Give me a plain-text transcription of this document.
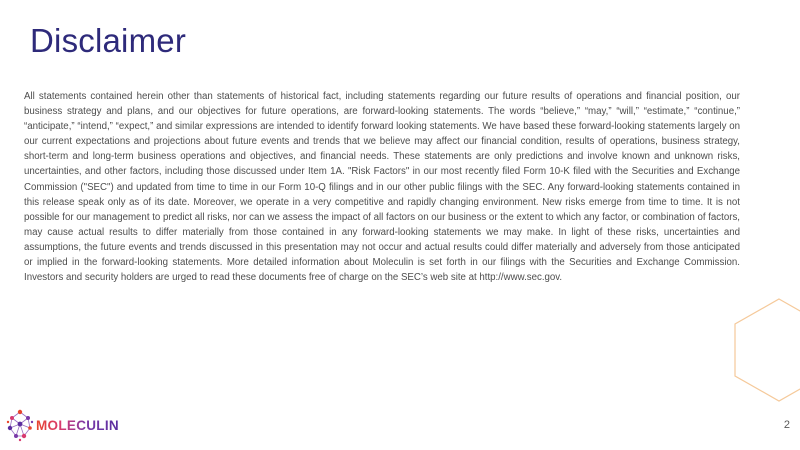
Disclaimer

All statements contained herein other than statements of historical fact, including statements regarding our future results of operations and financial position, our business strategy and plans, and our objectives for future operations, are forward-looking statements. The words “believe,” “may,” “will,” “estimate,” “continue,” “anticipate,” “intend,” “expect,” and similar expressions are intended to identify forward looking statements. We have based these forward-looking statements largely on our current expectations and projections about future events and trends that we believe may affect our financial condition, results of operations, business strategy, short-term and long-term business operations and objectives, and financial needs. These statements are only predictions and involve known and unknown risks, uncertainties, and other factors, including those discussed under Item 1A. "Risk Factors" in our most recently filed Form 10-K filed with the Securities and Exchange Commission ("SEC") and updated from time to time in our Form 10-Q filings and in our other public filings with the SEC. Any forward-looking statements contained in this release speak only as of its date. Moreover, we operate in a very competitive and rapidly changing environment. New risks emerge from time to time. It is not possible for our management to predict all risks, nor can we assess the impact of all factors on our business or the extent to which any factor, or combination of factors, may cause actual results to differ materially from those contained in any forward-looking statements we may make. In light of these risks, uncertainties and assumptions, the future events and trends discussed in this presentation may not occur and actual results could differ materially and adversely from those anticipated or implied in the forward-looking statements. More detailed information about Moleculin is set forth in our filings with the Securities and Exchange Commission. Investors and security holders are urged to read these documents free of charge on the SEC’s web site at http://www.sec.gov.

MOLECULIN	2
